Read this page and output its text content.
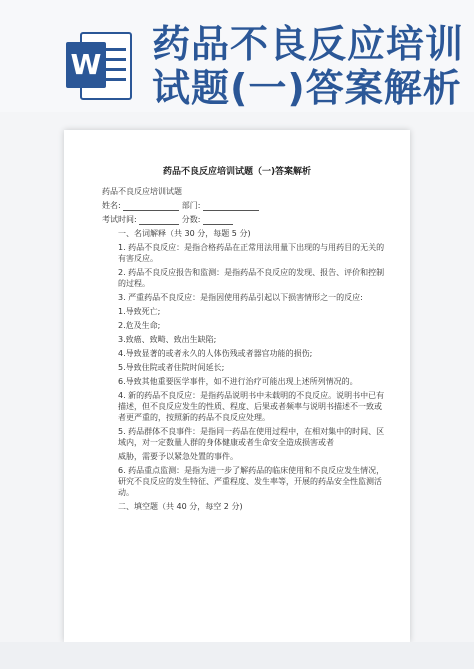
W 药品不良反应培训
试题(一)答案解析
药品不良反应培训试题（一)答案解析

药品不良反应培训试题

姓名:	部门:

考试时间:	分数:

一、名词解释（共 30 分，每题 5 分)

1. 药品不良反应：是指合格药品在正常用法用量下出现的与用药目的无关的有害反应。

2. 药品不良反应报告和监测：是指药品不良反应的发现、报告、评价和控制的过程。

3. 严重药品不良反应：是指因使用药品引起以下损害情形之一的反应:

1.导致死亡;

2.危及生命;

3.致癌、致畸、致出生缺陷;

4.导致显著的或者永久的人体伤残或者器官功能的损伤;

5.导致住院或者住院时间延长;

6.导致其他重要医学事件，如不进行治疗可能出现上述所列情况的。

4. 新的药品不良反应：是指药品说明书中未载明的不良反应。说明书中已有描述，但不良反应发生的性质、程度、后果或者频率与说明书描述不一致或者更严重的，按照新的药品不良反应处理。

5. 药品群体不良事件：是指同一药品在使用过程中，在相对集中的时间、区域内，对一定数量人群的身体健康或者生命安全造成损害或者

威胁，需要予以紧急处置的事件。

6. 药品重点监测：是指为进一步了解药品的临床使用和不良反应发生情况，研究不良反应的发生特征、严重程度、发生率等，开展的药品安全性监测活动。

二、填空题（共 40 分，每空 2 分)
